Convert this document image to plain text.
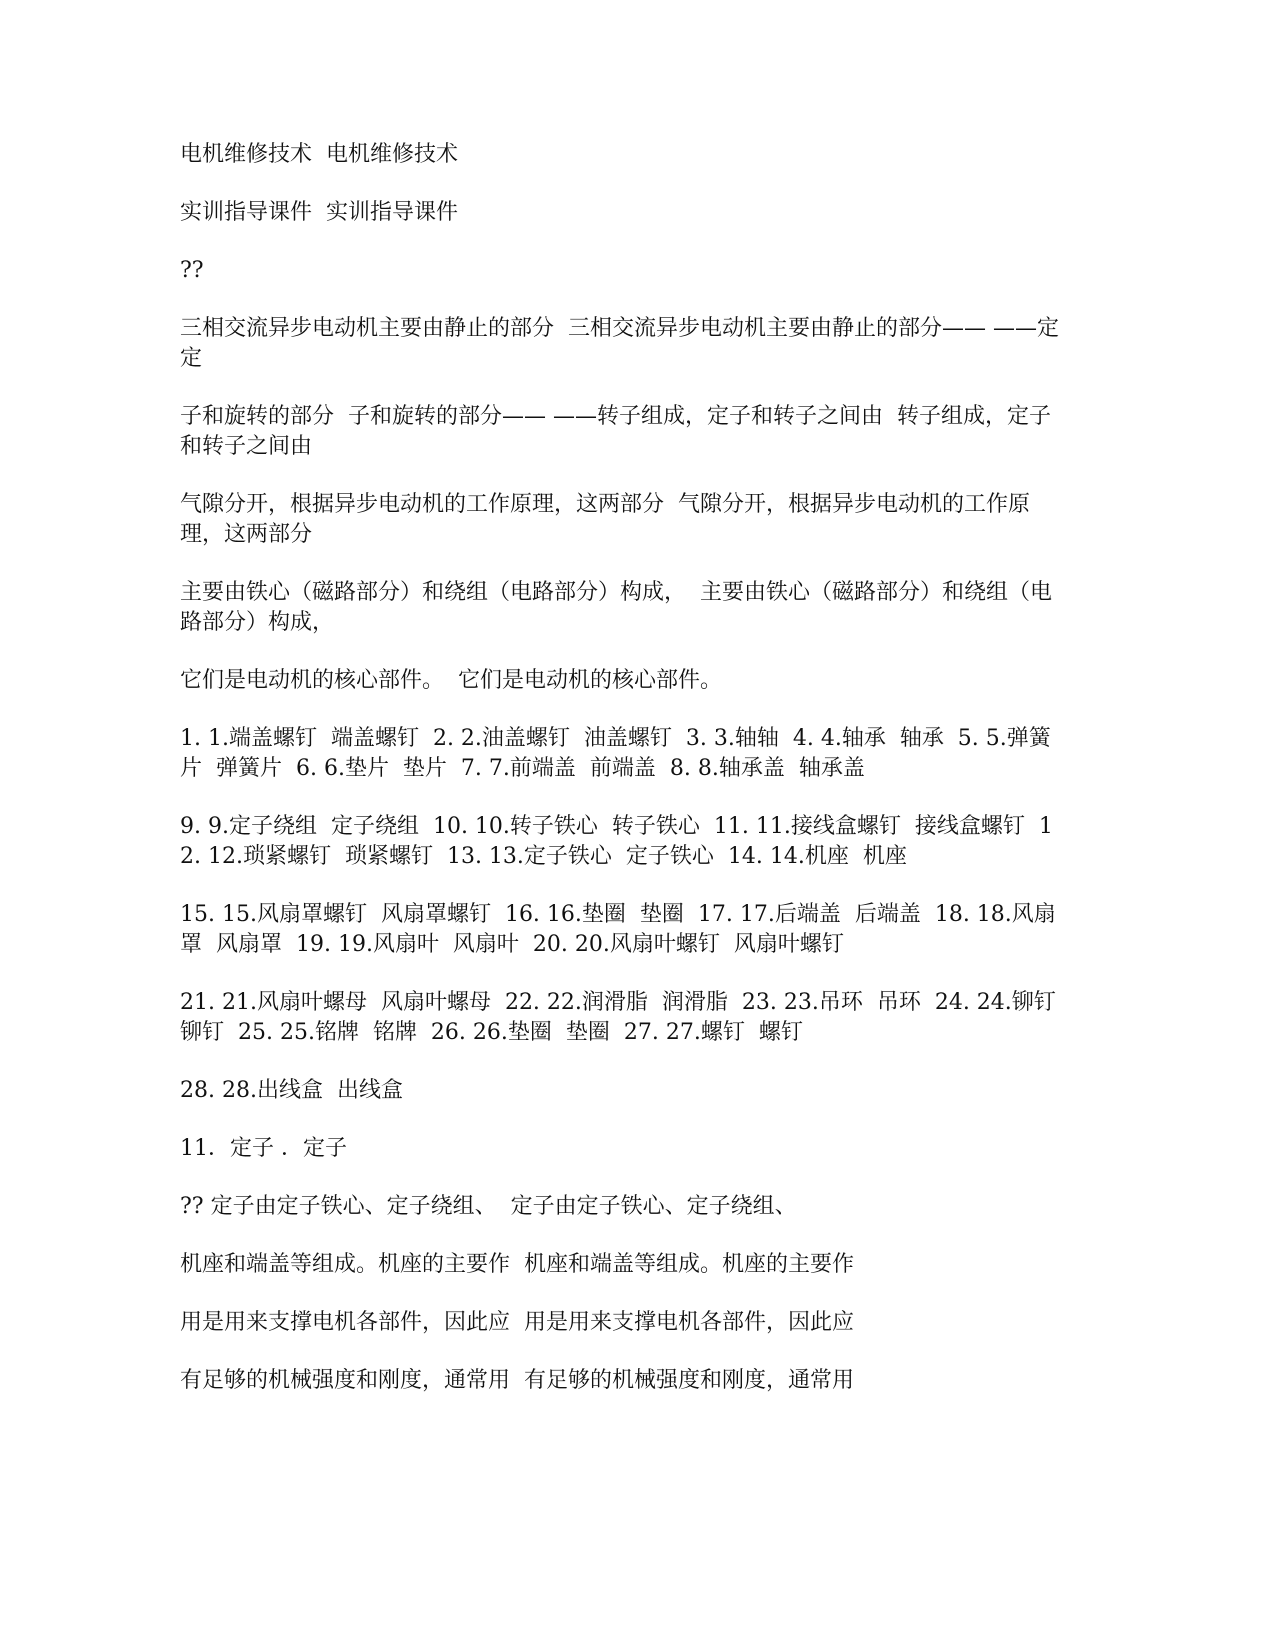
电机维修技术  电机维修技术

实训指导课件  实训指导课件

??

三相交流异步电动机主要由静止的部分  三相交流异步电动机主要由静止的部分—— ——定定

子和旋转的部分  子和旋转的部分—— ——转子组成，定子和转子之间由  转子组成，定子和转子之间由

气隙分开，根据异步电动机的工作原理，这两部分  气隙分开，根据异步电动机的工作原理，这两部分

主要由铁心（磁路部分）和绕组（电路部分）构成，  主要由铁心（磁路部分）和绕组（电路部分）构成，

它们是电动机的核心部件。  它们是电动机的核心部件。

1. 1.端盖螺钉  端盖螺钉  2. 2.油盖螺钉  油盖螺钉  3. 3.轴轴  4. 4.轴承  轴承  5. 5.弹簧片  弹簧片  6. 6.垫片  垫片  7. 7.前端盖  前端盖  8. 8.轴承盖  轴承盖

9. 9.定子绕组  定子绕组  10. 10.转子铁心  转子铁心  11. 11.接线盒螺钉  接线盒螺钉  12. 12.琐紧螺钉  琐紧螺钉  13. 13.定子铁心  定子铁心  14. 14.机座  机座

15. 15.风扇罩螺钉  风扇罩螺钉  16. 16.垫圈  垫圈  17. 17.后端盖  后端盖  18. 18.风扇罩  风扇罩  19. 19.风扇叶  风扇叶  20. 20.风扇叶螺钉  风扇叶螺钉

21. 21.风扇叶螺母  风扇叶螺母  22. 22.润滑脂  润滑脂  23. 23.吊环  吊环  24. 24.铆钉  铆钉  25. 25.铭牌  铭牌  26. 26.垫圈  垫圈  27. 27.螺钉  螺钉

28. 28.出线盒  出线盒

11．定子 ．定子

?? 定子由定子铁心、定子绕组、  定子由定子铁心、定子绕组、

机座和端盖等组成。机座的主要作  机座和端盖等组成。机座的主要作

用是用来支撑电机各部件，因此应  用是用来支撑电机各部件，因此应

有足够的机械强度和刚度，通常用  有足够的机械强度和刚度，通常用
